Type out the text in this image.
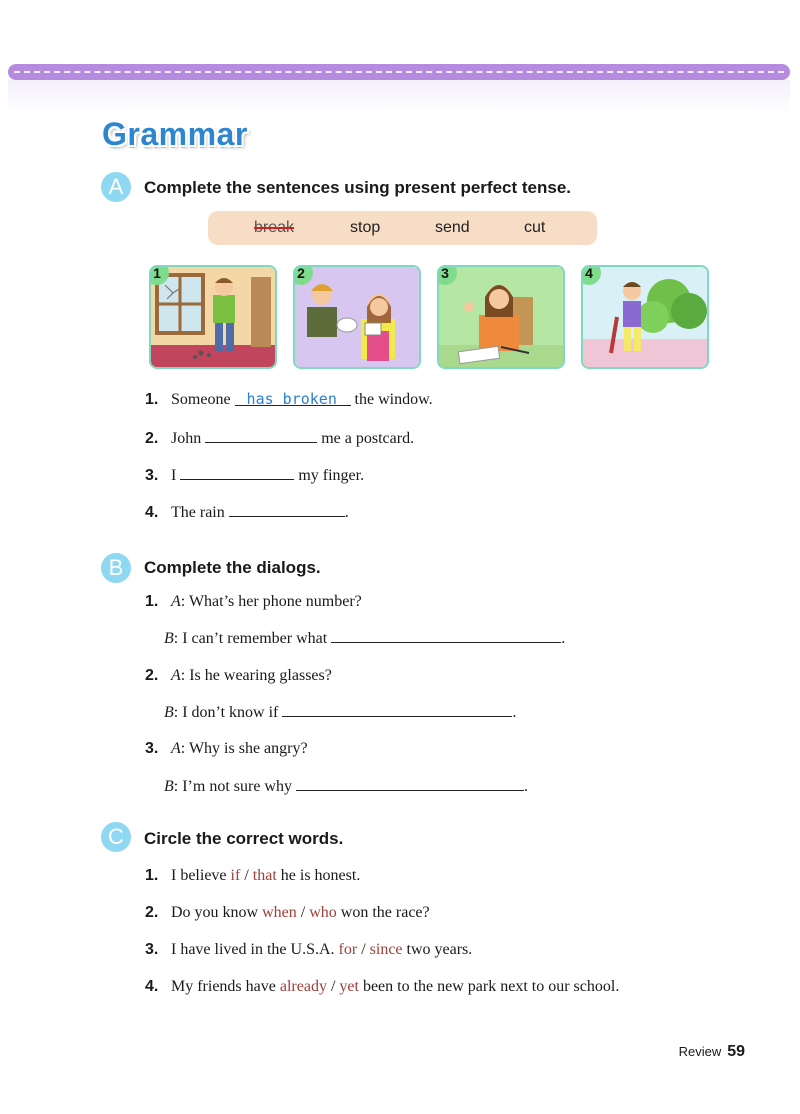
Grammar
A	Complete the sentences using present perfect tense.
break	stop	send	cut
1	2	3	4
1. Someone has broken the window.
2. John	me a postcard.
3. I	my finger.
4. The rain	.
B	Complete the dialogs.
1. A: What’s her phone number?
B: I can’t remember what	.
2. A: Is he wearing glasses?
B: I don’t know if	.
3. A: Why is she angry?
B: I’m not sure why	.
C	Circle the correct words.
1. I believe if / that he is honest.
2. Do you know when / who won the race?
3. I have lived in the U.S.A. for / since two years.
4. My friends have already / yet been to the new park next to our school.
Review 59
